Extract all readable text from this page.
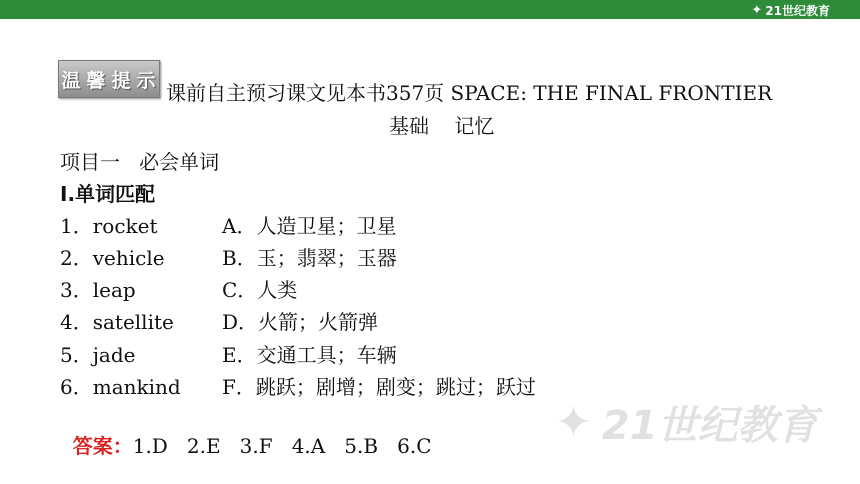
✦ 21世纪教育
温 馨 提 示
课前自主预习课文见本书357页 SPACE: THE FINAL FRONTIER
基础    记忆
项目一   必会单词
Ⅰ.单词匹配
1．rocket	A．人造卫星；卫星
2．vehicle	B．玉；翡翠；玉器
3．leap	C．人类
4．satellite D．火箭；火箭弹
5．jade	E．交通工具；车辆
6．mankind F．跳跃；剧增；剧变；跳过；跃过

答案：1.D   2.E   3.F   4.A   5.B   6.C	✦ 21世纪教育
